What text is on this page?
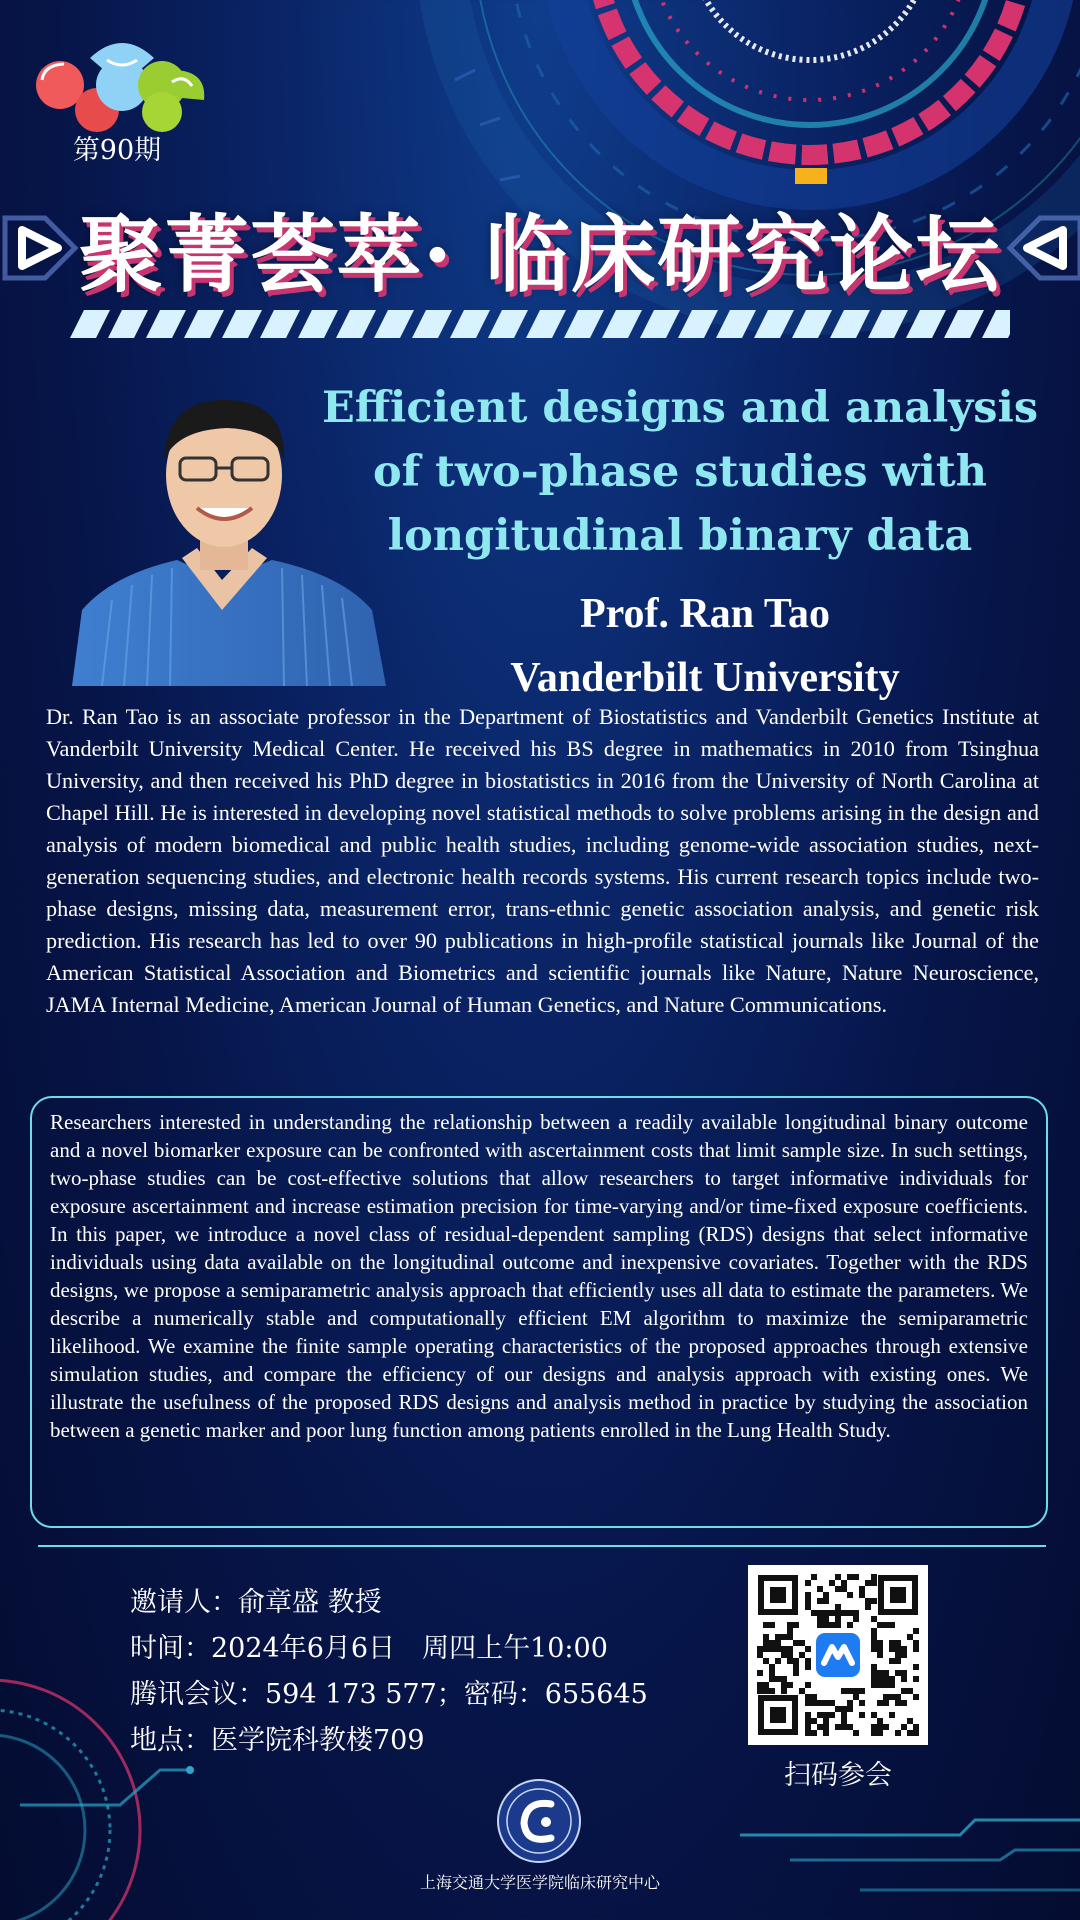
第90期
聚菁荟萃· 临床研究论坛
Efficient designs and analysis
of two-phase studies with
longitudinal binary data
Prof. Ran Tao
Vanderbilt University
Dr. Ran Tao is an associate professor in the Department of Biostatistics and Vanderbilt Genetics Institute at Vanderbilt University Medical Center. He received his BS degree in mathematics in 2010 from Tsinghua University, and then received his PhD degree in biostatistics in 2016 from the University of North Carolina at Chapel Hill. He is interested in developing novel statistical methods to solve problems arising in the design and analysis of modern biomedical and public health studies, including genome-wide association studies, next-generation sequencing studies, and electronic health records systems. His current research topics include two-phase designs, missing data, measurement error, trans-ethnic genetic association analysis, and genetic risk prediction. His research has led to over 90 publications in high-profile statistical journals like Journal of the American Statistical Association and Biometrics and scientific journals like Nature, Nature Neuroscience, JAMA Internal Medicine, American Journal of Human Genetics, and Nature Communications.
Researchers interested in understanding the relationship between a readily available longitudinal binary outcome and a novel biomarker exposure can be confronted with ascertainment costs that limit sample size. In such settings, two-phase studies can be cost-effective solutions that allow researchers to target informative individuals for exposure ascertainment and increase estimation precision for time-varying and/or time-fixed exposure coefficients. In this paper, we introduce a novel class of residual-dependent sampling (RDS) designs that select informative individuals using data available on the longitudinal outcome and inexpensive covariates. Together with the RDS designs, we propose a semiparametric analysis approach that efficiently uses all data to estimate the parameters. We describe a numerically stable and computationally efficient EM algorithm to maximize the semiparametric likelihood. We examine the finite sample operating characteristics of the proposed approaches through extensive simulation studies, and compare the efficiency of our designs and analysis approach with existing ones. We illustrate the usefulness of the proposed RDS designs and analysis method in practice by studying the association between a genetic marker and poor lung function among patients enrolled in the Lung Health Study.
邀请人：俞章盛 教授
时间：2024年6月6日　周四上午10:00
腾讯会议：594 173 577；密码：655645
地点：医学院科教楼709
扫码参会
上海交通大学医学院临床研究中心
